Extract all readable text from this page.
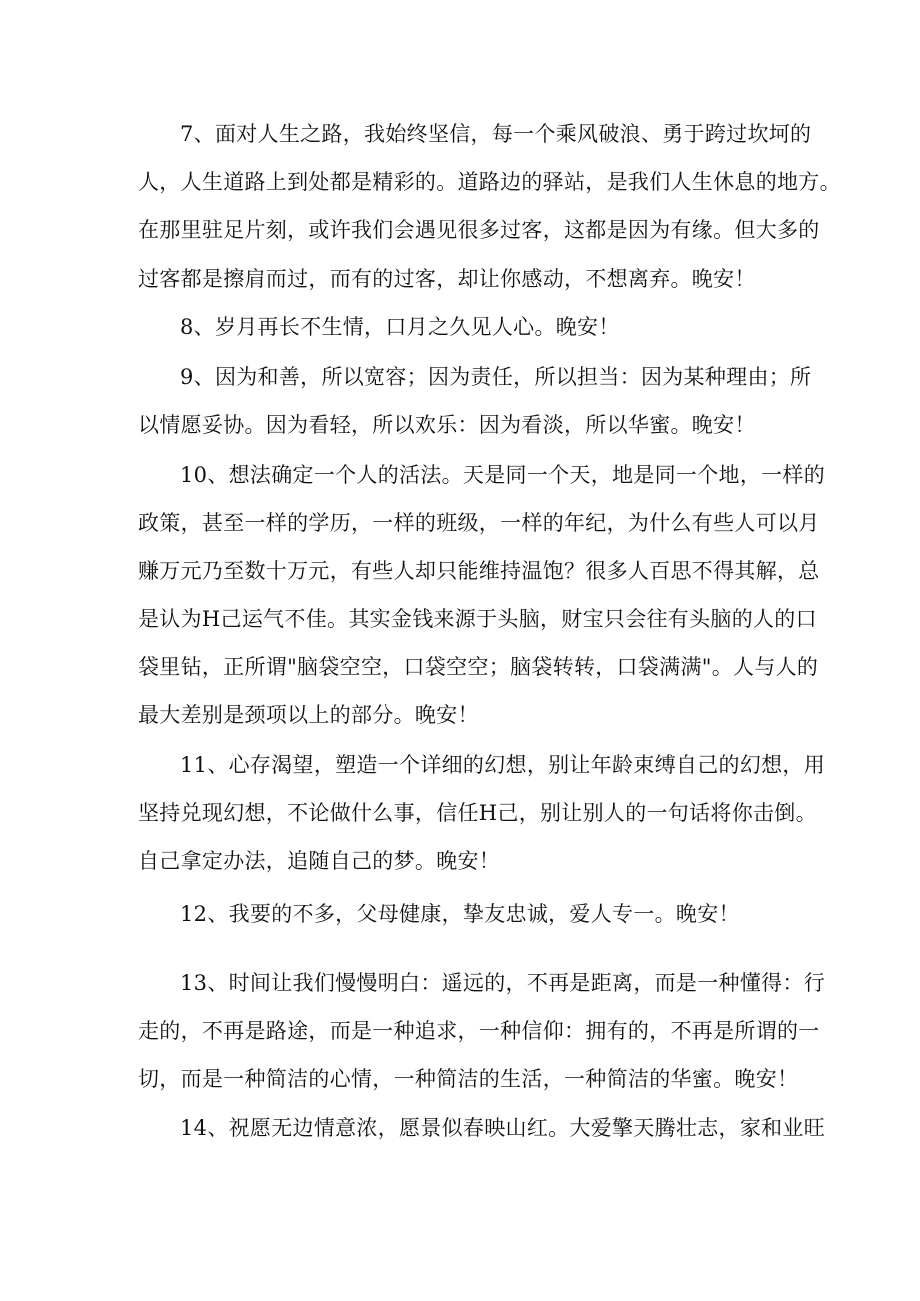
7、面对人生之路，我始终坚信，每一个乘风破浪、勇于跨过坎坷的
人，人生道路上到处都是精彩的。道路边的驿站，是我们人生休息的地方。
在那里驻足片刻，或许我们会遇见很多过客，这都是因为有缘。但大多的
过客都是擦肩而过，而有的过客，却让你感动，不想离弃。晚安！
8、岁月再长不生情，口月之久见人心。晚安！
9、因为和善，所以宽容；因为责任，所以担当：因为某种理由；所
以情愿妥协。因为看轻，所以欢乐：因为看淡，所以华蜜。晚安！
10、想法确定一个人的活法。天是同一个天，地是同一个地，一样的
政策，甚至一样的学历，一样的班级，一样的年纪，为什么有些人可以月
赚万元乃至数十万元，有些人却只能维持温饱？很多人百思不得其解，总
是认为H己运气不佳。其实金钱来源于头脑，财宝只会往有头脑的人的口
袋里钻，正所谓"脑袋空空，口袋空空；脑袋转转，口袋满满"。人与人的
最大差别是颈项以上的部分。晚安！
11、心存渴望，塑造一个详细的幻想，别让年龄束缚自己的幻想，用
坚持兑现幻想，不论做什么事，信任H己，别让别人的一句话将你击倒。
自己拿定办法，追随自己的梦。晚安！
12、我要的不多，父母健康，挚友忠诚，爱人专一。晚安！
13、时间让我们慢慢明白：遥远的，不再是距离，而是一种懂得：行
走的，不再是路途，而是一种追求，一种信仰：拥有的，不再是所谓的一
切，而是一种简洁的心情，一种简洁的生活，一种简洁的华蜜。晚安！
14、祝愿无边情意浓，愿景似春映山红。大爱擎天腾壮志，家和业旺
